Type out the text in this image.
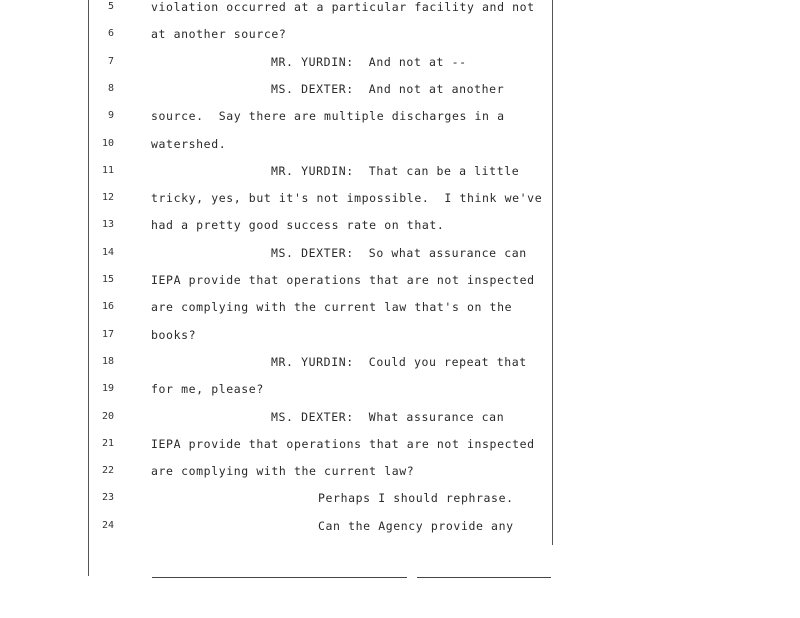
5	violation occurred at a particular facility and not
6	at another source?
7	MR. YURDIN:  And not at --
8	MS. DEXTER:  And not at another
9	source.  Say there are multiple discharges in a
10	watershed.
11	MR. YURDIN:  That can be a little
12	tricky, yes, but it's not impossible.  I think we've
13	had a pretty good success rate on that.
14	MS. DEXTER:  So what assurance can
15	IEPA provide that operations that are not inspected
16	are complying with the current law that's on the
17	books?
18	MR. YURDIN:  Could you repeat that
19	for me, please?
20	MS. DEXTER:  What assurance can
21	IEPA provide that operations that are not inspected
22	are complying with the current law?
23	Perhaps I should rephrase.
24	Can the Agency provide any
